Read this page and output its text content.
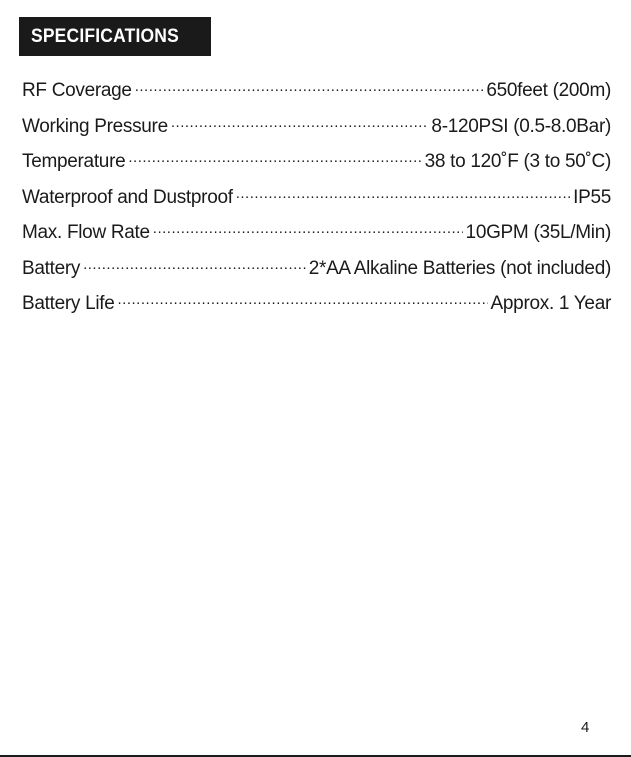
SPECIFICATIONS
RF Coverage .....	650feet (200m)
Working Pressure .....	8-120PSI (0.5-8.0Bar)
Temperature .....	38 to 120˚F (3 to 50˚C)
Waterproof and Dustproof .....	IP55
Max. Flow Rate .....	10GPM (35L/Min)
Battery .....	2*AA Alkaline Batteries (not included)
Battery Life .....	Approx. 1 Year
4
